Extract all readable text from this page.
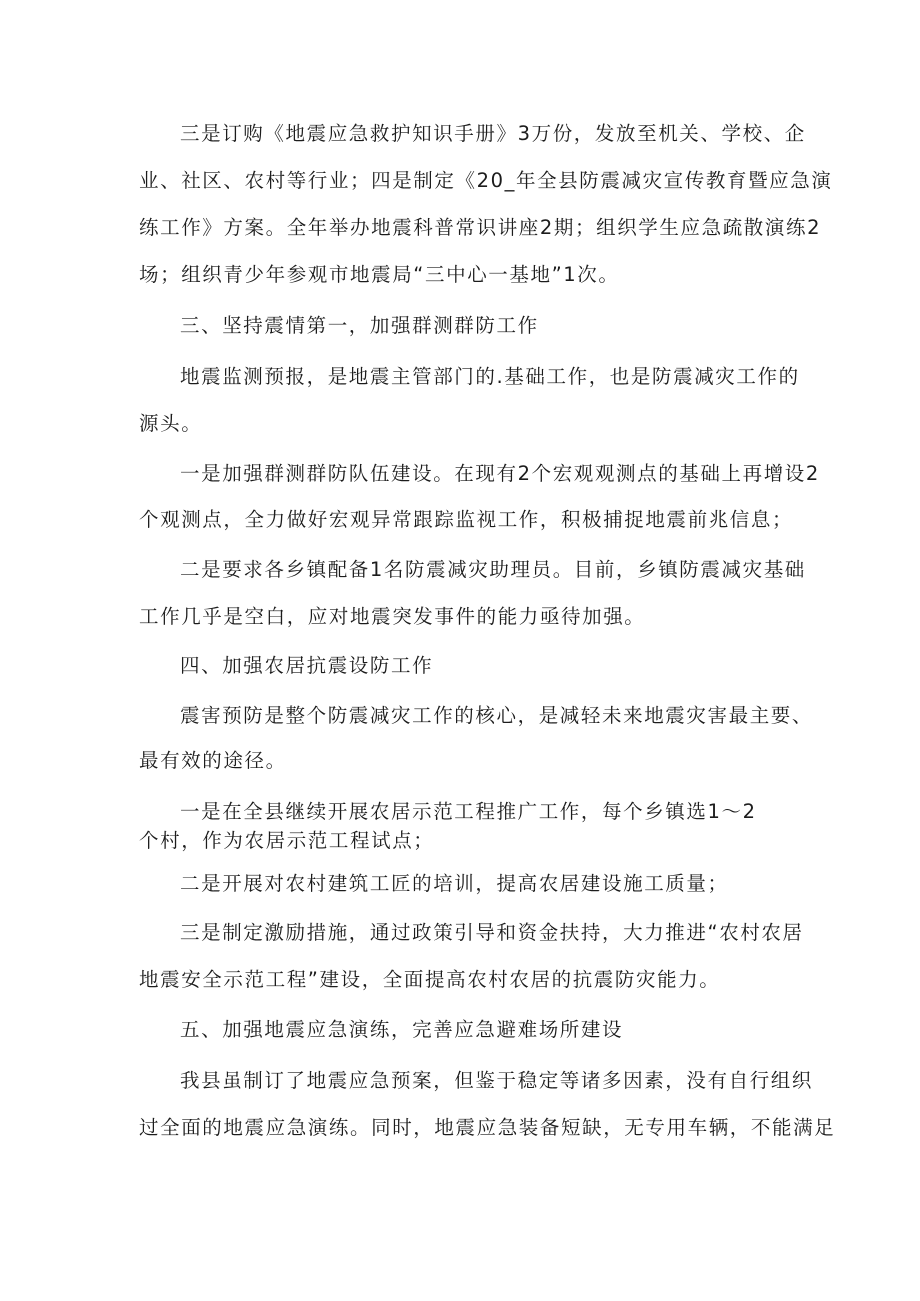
三是订购《地震应急救护知识手册》3万份，发放至机关、学校、企
业、社区、农村等行业；四是制定《20_年全县防震减灾宣传教育暨应急演
练工作》方案。全年举办地震科普常识讲座2期；组织学生应急疏散演练2
场；组织青少年参观市地震局“三中心一基地”1次。
三、坚持震情第一，加强群测群防工作
地震监测预报，是地震主管部门的.基础工作，也是防震减灾工作的
源头。
一是加强群测群防队伍建设。在现有2个宏观观测点的基础上再增设2
个观测点，全力做好宏观异常跟踪监视工作，积极捕捉地震前兆信息；
二是要求各乡镇配备1名防震减灾助理员。目前，乡镇防震减灾基础
工作几乎是空白，应对地震突发事件的能力亟待加强。
四、加强农居抗震设防工作
震害预防是整个防震减灾工作的核心，是减轻未来地震灾害最主要、
最有效的途径。
一是在全县继续开展农居示范工程推广工作，每个乡镇选1～2
个村，作为农居示范工程试点；
二是开展对农村建筑工匠的培训，提高农居建设施工质量；
三是制定激励措施，通过政策引导和资金扶持，大力推进“农村农居
地震安全示范工程”建设，全面提高农村农居的抗震防灾能力。
五、加强地震应急演练，完善应急避难场所建设
我县虽制订了地震应急预案，但鉴于稳定等诸多因素，没有自行组织
过全面的地震应急演练。同时，地震应急装备短缺，无专用车辆，不能满足
